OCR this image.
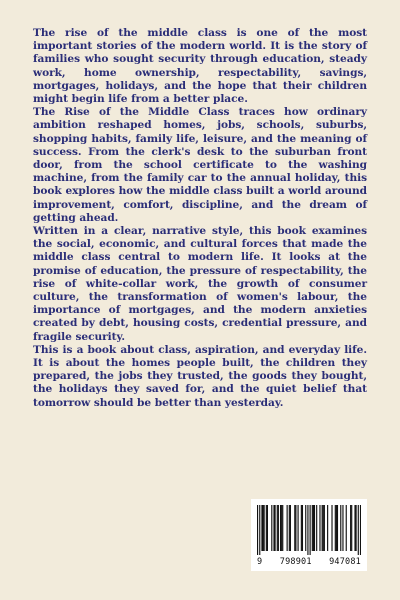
The rise of the middle class is one of the most important stories of the modern world. It is the story of families who sought security through education, steady work, home ownership, respectability, savings, mortgages, holidays, and the hope that their children might begin life from a better place.

The Rise of the Middle Class traces how ordinary ambition reshaped homes, jobs, schools, suburbs, shopping habits, family life, leisure, and the meaning of success. From the clerk's desk to the suburban front door, from the school certificate to the washing machine, from the family car to the annual holiday, this book explores how the middle class built a world around improvement, comfort, discipline, and the dream of getting ahead.

Written in a clear, narrative style, this book examines the social, economic, and cultural forces that made the middle class central to modern life. It looks at the promise of education, the pressure of respectability, the rise of white-collar work, the growth of consumer culture, the transformation of women's labour, the importance of mortgages, and the modern anxieties created by debt, housing costs, credential pressure, and fragile security.

This is a book about class, aspiration, and everyday life. It is about the homes people built, the children they prepared, the jobs they trusted, the goods they bought, the holidays they saved for, and the quiet belief that tomorrow should be better than yesterday.

9 798901 947081
